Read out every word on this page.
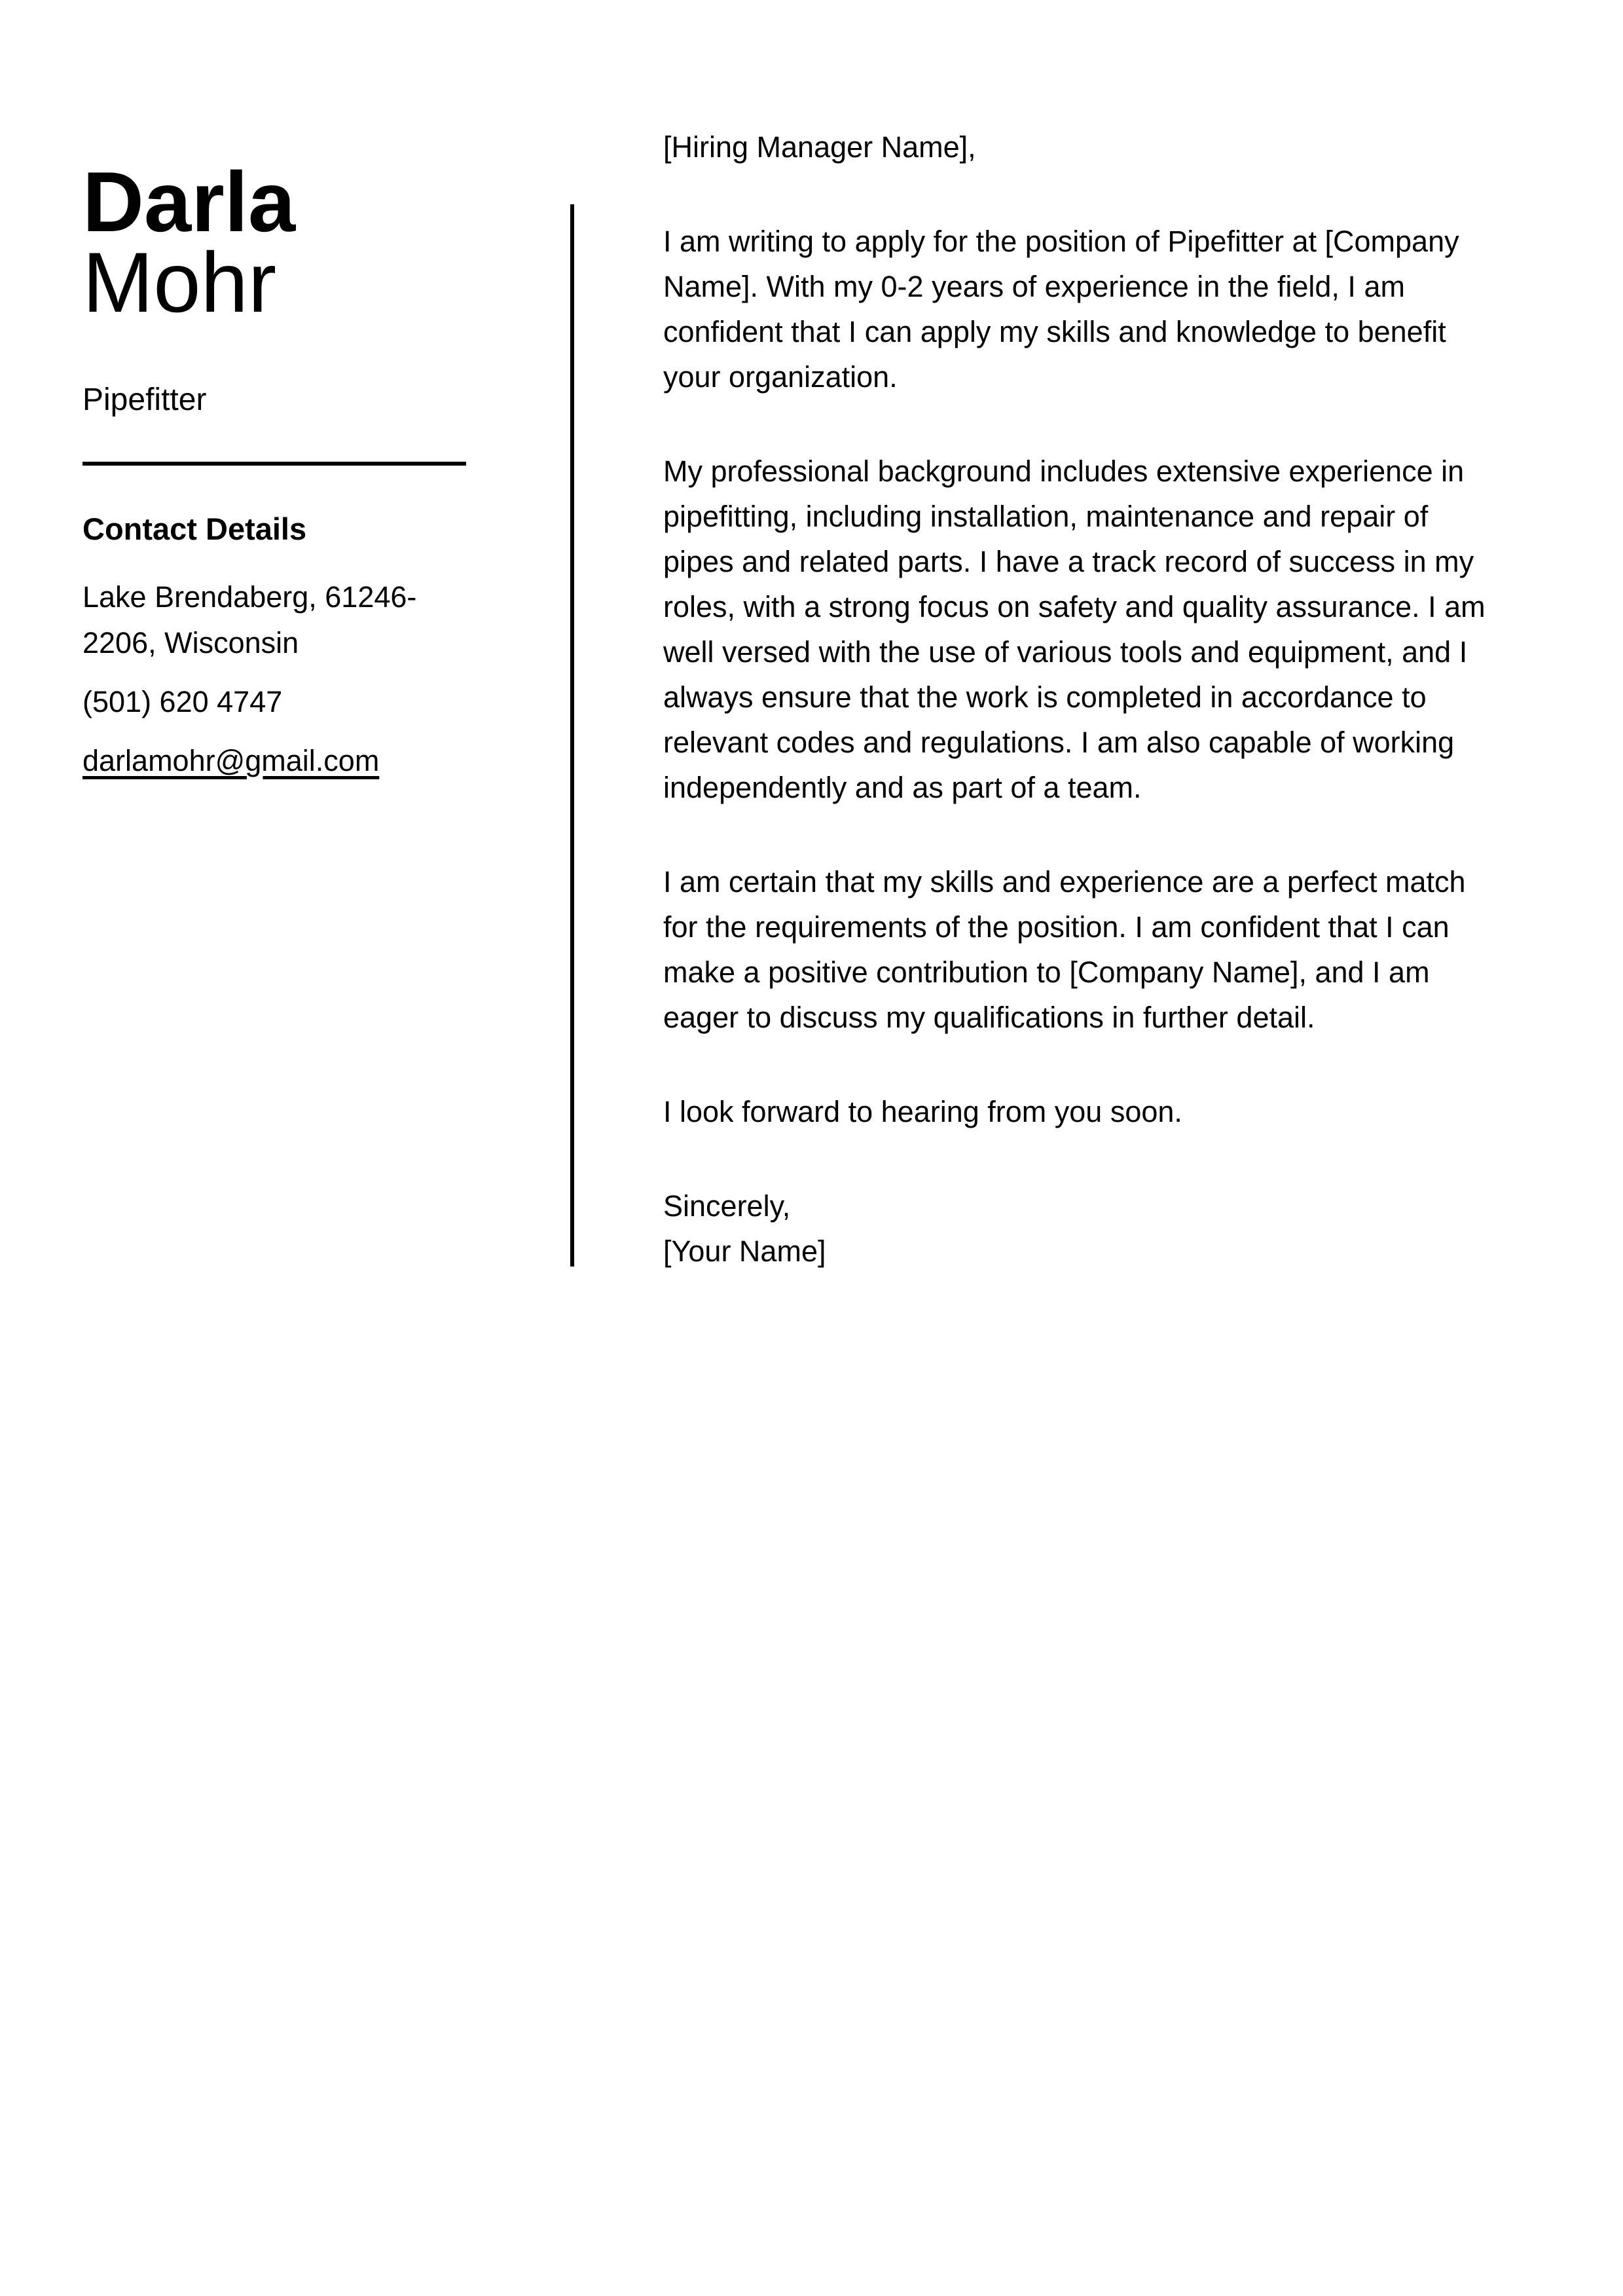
Darla
Mohr
Pipefitter
Contact Details
Lake Brendaberg, 61246-2206, Wisconsin
(501) 620 4747
darlamohr@gmail.com

[Hiring Manager Name],

I am writing to apply for the position of Pipefitter at [Company Name]. With my 0-2 years of experience in the field, I am confident that I can apply my skills and knowledge to benefit your organization.

My professional background includes extensive experience in pipefitting, including installation, maintenance and repair of pipes and related parts. I have a track record of success in my roles, with a strong focus on safety and quality assurance. I am well versed with the use of various tools and equipment, and I always ensure that the work is completed in accordance to relevant codes and regulations. I am also capable of working independently and as part of a team.

I am certain that my skills and experience are a perfect match for the requirements of the position. I am confident that I can make a positive contribution to [Company Name], and I am eager to discuss my qualifications in further detail.

I look forward to hearing from you soon.

Sincerely,
[Your Name]
